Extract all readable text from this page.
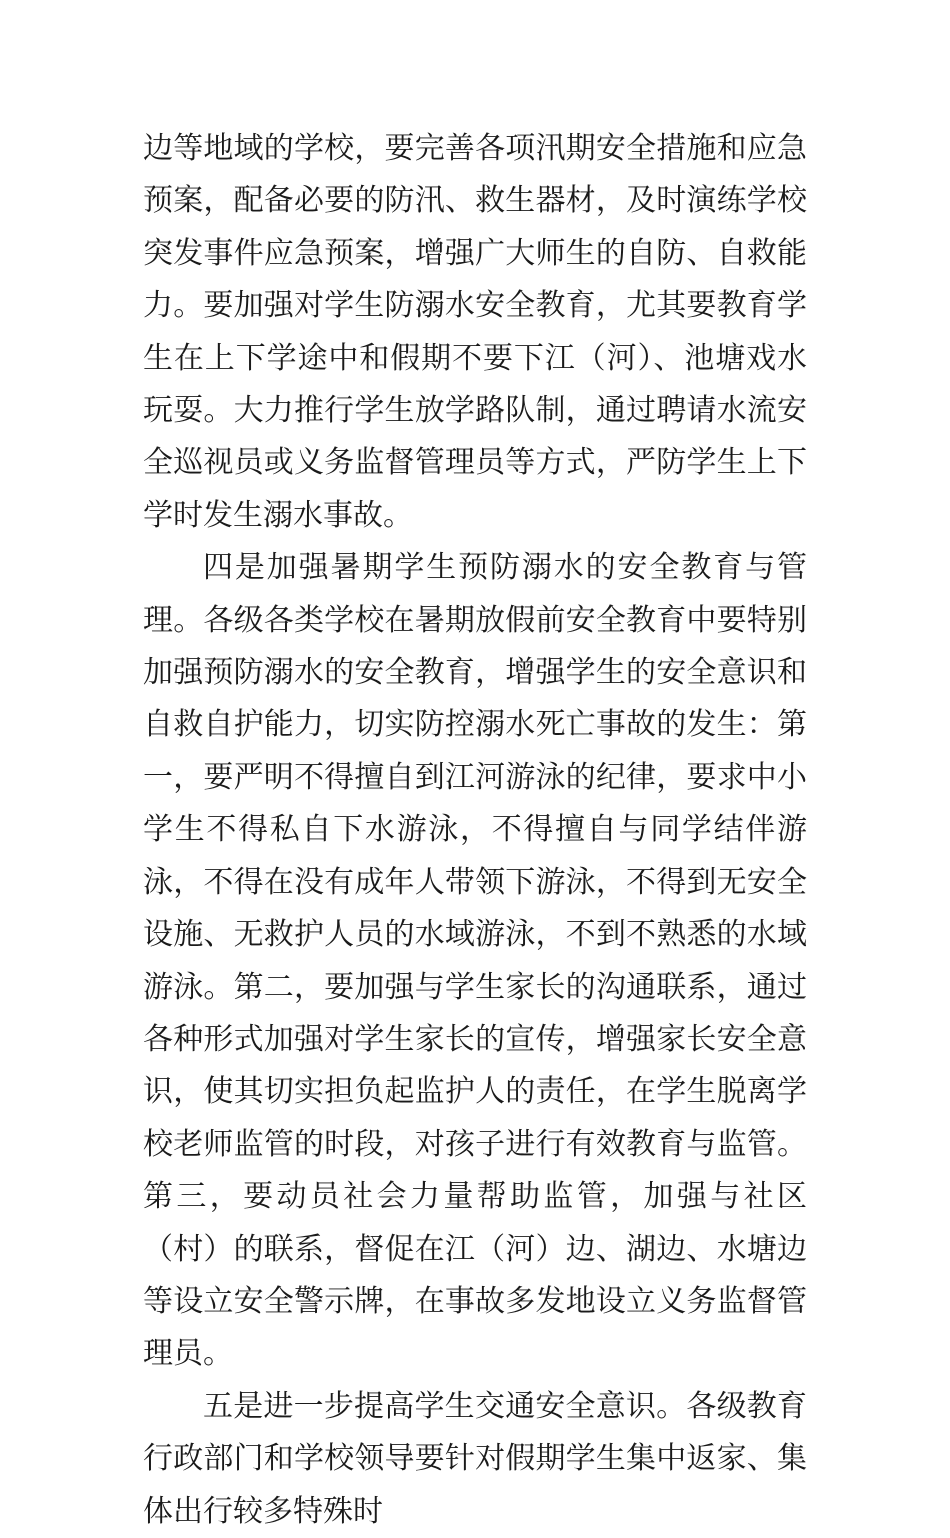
边等地域的学校，要完善各项汛期安全措施和应急预案，配备必要的防汛、救生器材，及时演练学校突发事件应急预案，增强广大师生的自防、自救能力。要加强对学生防溺水安全教育，尤其要教育学生在上下学途中和假期不要下江（河）、池塘戏水玩耍。大力推行学生放学路队制，通过聘请水流安全巡视员或义务监督管理员等方式，严防学生上下学时发生溺水事故。

四是加强暑期学生预防溺水的安全教育与管理。各级各类学校在暑期放假前安全教育中要特别加强预防溺水的安全教育，增强学生的安全意识和自救自护能力，切实防控溺水死亡事故的发生：第一，要严明不得擅自到江河游泳的纪律，要求中小学生不得私自下水游泳，不得擅自与同学结伴游泳，不得在没有成年人带领下游泳，不得到无安全设施、无救护人员的水域游泳，不到不熟悉的水域游泳。第二，要加强与学生家长的沟通联系，通过各种形式加强对学生家长的宣传，增强家长安全意识，使其切实担负起监护人的责任，在学生脱离学校老师监管的时段，对孩子进行有效教育与监管。第三，要动员社会力量帮助监管，加强与社区（村）的联系，督促在江（河）边、湖边、水塘边等设立安全警示牌，在事故多发地设立义务监督管理员。

五是进一步提高学生交通安全意识。各级教育行政部门和学校领导要针对假期学生集中返家、集体出行较多特殊时
